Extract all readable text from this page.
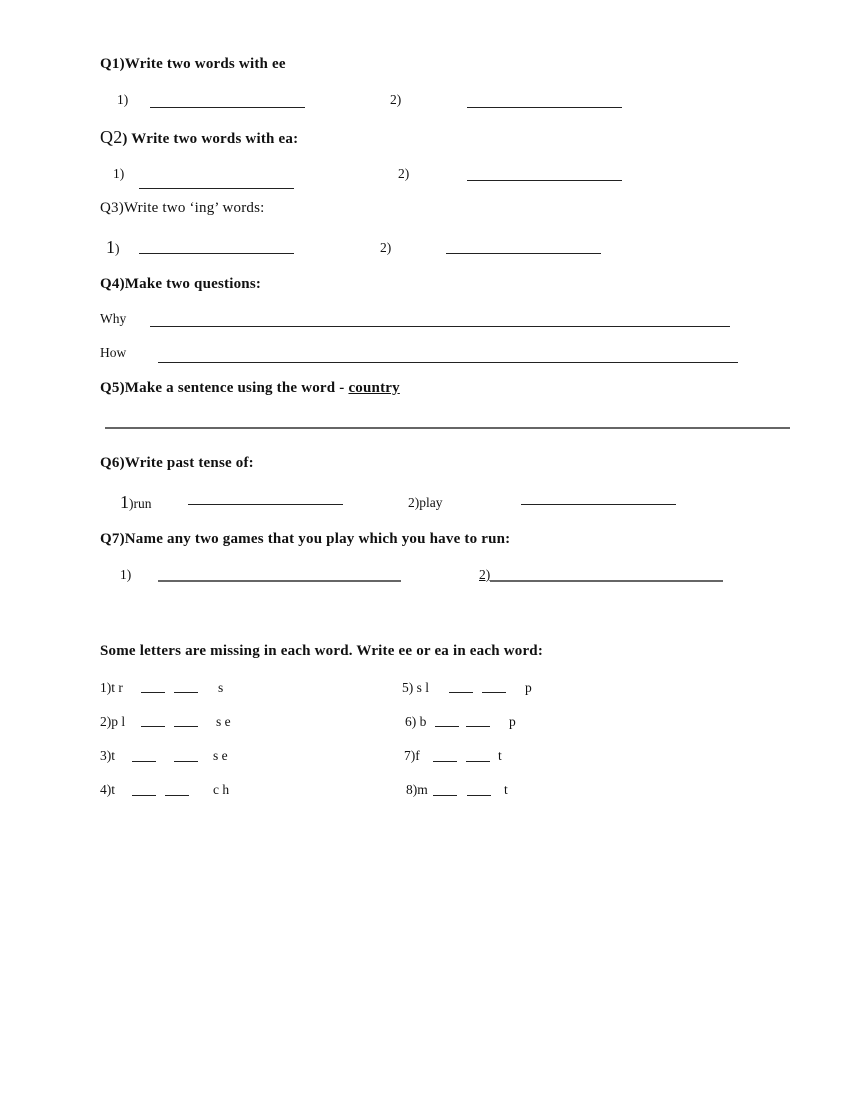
Q1)Write two words with ee
1)	2)
Q2) Write two words with ea:
1)	2)
Q3)Write two ‘ing’ words:
1)	2)
Q4)Make two questions:
Why
How
Q5)Make a sentence using the word - country
Q6)Write past tense of:
1)run	2)play
Q7)Name any two games that you play which you have to run:
1)	2)
Some letters are missing in each word. Write ee or ea in each word:
1)t r	s
2)p l	s e
3)t	s e
4)t	c h
5) s l	p
6) b	p
7)f	t
8)m	t
